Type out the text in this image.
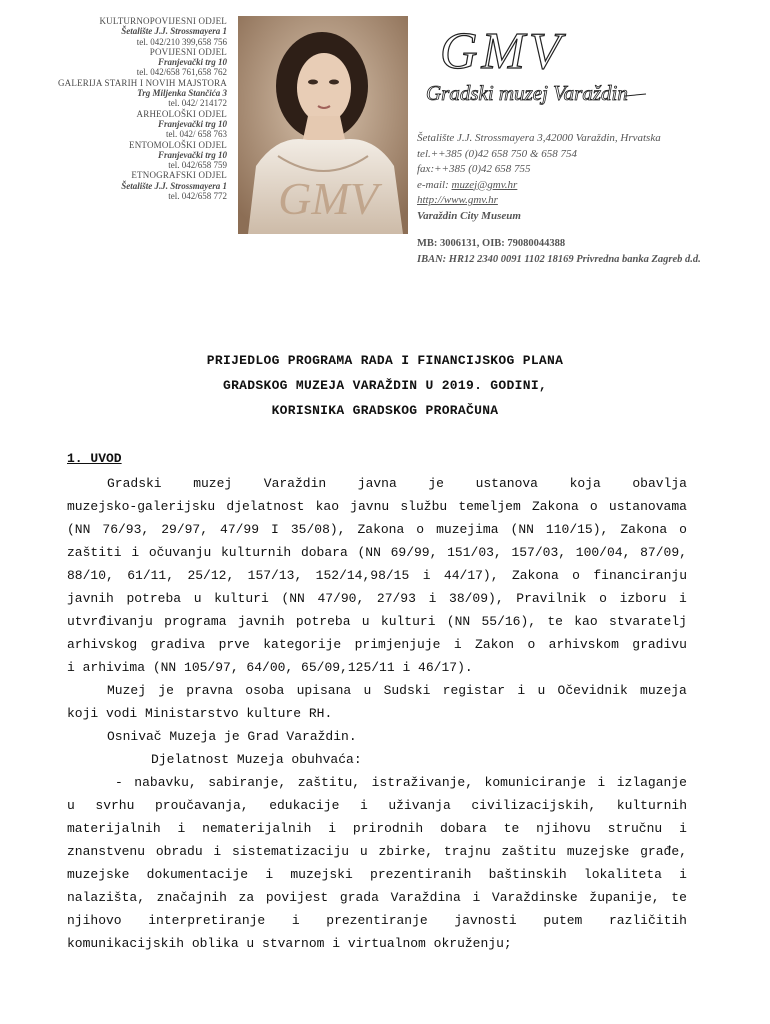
KULTURNOPOVIJESNI ODJEL
Šetalište J.J. Strossmayera 1
tel. 042/210 399,658 756
POVIJESNI ODJEL
Franjevački trg 10
tel. 042/658 761,658 762
GALERIJA STARIH I NOVIH MAJSTORA
Trg Miljenka Stančića 3
tel. 042/ 214172
ARHEOLOŠKI ODJEL
Franjevački trg 10
tel. 042/ 658 763
ENTOMOLOŠKI ODJEL
Franjevački trg 10
tel. 042/658 759
ETNOGRAFSKI ODJEL
Šetalište J.J. Strossmayera 1
tel. 042/658 772 GMV
GMV
Gradski muzej Varaždin
Šetalište J.J. Strossmayera 3,42000 Varaždin, Hrvatska
tel.++385 (0)42 658 750 & 658 754
fax:++385 (0)42 658 755
e-mail: muzej@gmv.hr
http://www.gmv.hr
Varaždin City Museum
MB: 3006131, OIB: 79080044388
IBAN: HR12 2340 0091 1102 18169 Privredna banka Zagreb d.d.
PRIJEDLOG PROGRAMA RADA I FINANCIJSKOG PLANA
GRADSKOG MUZEJA VARAŽDIN U 2019. GODINI,
KORISNIKA GRADSKOG PRORAČUNA
1. UVOD
Gradski muzej Varaždin javna je ustanova koja obavlja
muzejsko-galerijsku djelatnost kao javnu službu temeljem Zakona o ustanovama
(NN 76/93, 29/97, 47/99 I 35/08), Zakona o muzejima (NN 110/15), Zakona o
zaštiti i očuvanju kulturnih dobara (NN 69/99, 151/03, 157/03, 100/04, 87/09,
88/10, 61/11, 25/12, 157/13, 152/14,98/15 i 44/17), Zakona o financiranju
javnih potreba u kulturi (NN 47/90, 27/93 i 38/09), Pravilnik o izboru i
utvrđivanju programa javnih potreba u kulturi (NN 55/16), te kao stvaratelj
arhivskog gradiva prve kategorije primjenjuje i Zakon o arhivskom gradivu
i arhivima (NN 105/97, 64/00, 65/09,125/11 i 46/17).
Muzej je pravna osoba upisana u Sudski registar i u Očevidnik muzeja
koji vodi Ministarstvo kulture RH.
Osnivač Muzeja je Grad Varaždin.
Djelatnost Muzeja obuhvaća:
- nabavku, sabiranje, zaštitu, istraživanje, komuniciranje i izlaganje
u svrhu proučavanja, edukacije i uživanja civilizacijskih, kulturnih
materijalnih i nematerijalnih i prirodnih dobara te njihovu stručnu i
znanstvenu obradu i sistematizaciju u zbirke, trajnu zaštitu muzejske građe,
muzejske dokumentacije i muzejski prezentiranih baštinskih lokaliteta i
nalazišta, značajnih za povijest grada Varaždina i Varaždinske županije, te
njihovo interpretiranje i prezentiranje javnosti putem različitih
komunikacijskih oblika u stvarnom i virtualnom okruženju;
